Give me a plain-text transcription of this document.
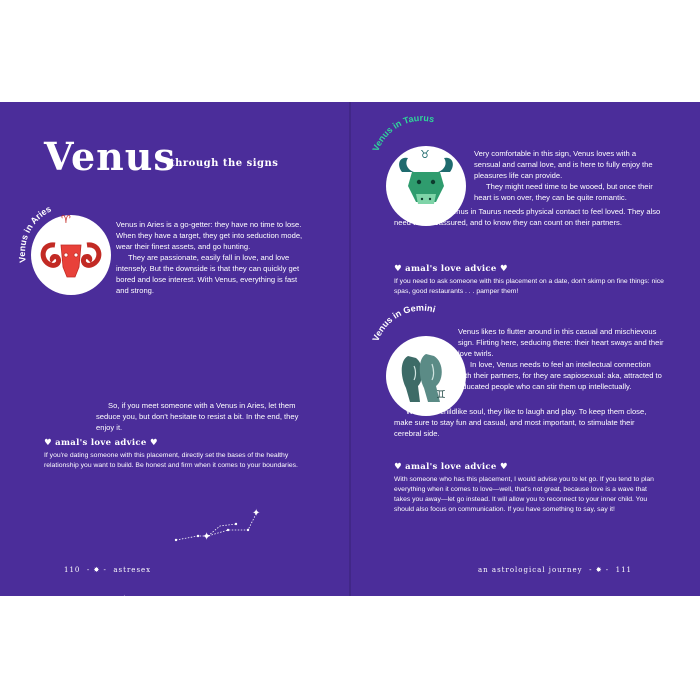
Venus
through the signs
Venus in Aries
Venus in Taurus
Venus in Gemini
♈	Venus in Aries is a go-getter: they have no time to lose. When they have a target, they get into seduction mode, wear their finest assets, and go hunting.

They are passionate, easily fall in love, and love intensely. But the downside is that they can quickly get bored and lose interest. With Venus, everything is fast and strong.

So, if you meet someone with a Venus in Aries, let them seduce you, but don't hesitate to resist a bit. In the end, they enjoy it.

♥ amal's love advice ♥
If you're dating someone with this placement, directly set the bases of the healthy relationship you want to build. Be honest and firm when it comes to your boundaries.
✦
✦
✦
♉	Very comfortable in this sign, Venus loves with a sensual and carnal love, and is here to fully enjoy the pleasures life can provide.

They might need time to be wooed, but once their heart is won over, they can be quite romantic.

Very tactile, Venus in Taurus needs physical contact to feel loved. They also need to be reassured, and to know they can count on their partners.

♥ amal's love advice ♥
If you need to ask someone with this placement on a date, don't skimp on fine things: nice spas, good restaurants . . . pamper them!
♊

Venus likes to flutter around in this casual and mischievous sign. Flirting here, seducing there: their heart sways and their love twirls.

In love, Venus needs to feel an intellectual connection with their partners, for they are sapiosexual: aka, attracted to educated people who can stir them up intellectually.

With their childlike soul, they like to laugh and play. To keep them close, make sure to stay fun and casual, and most important, to stimulate their cerebral side.

♥ amal's love advice ♥
With someone who has this placement, I would advise you to let go. If you tend to plan everything when it comes to love—well, that's not great, because love is a wave that takes you away—let go instead. It will allow you to reconnect to your inner child. You should also focus on communication. If you have something to say, say it!
110 - ✸ - astresex	an astrological journey - ✸ - 111
